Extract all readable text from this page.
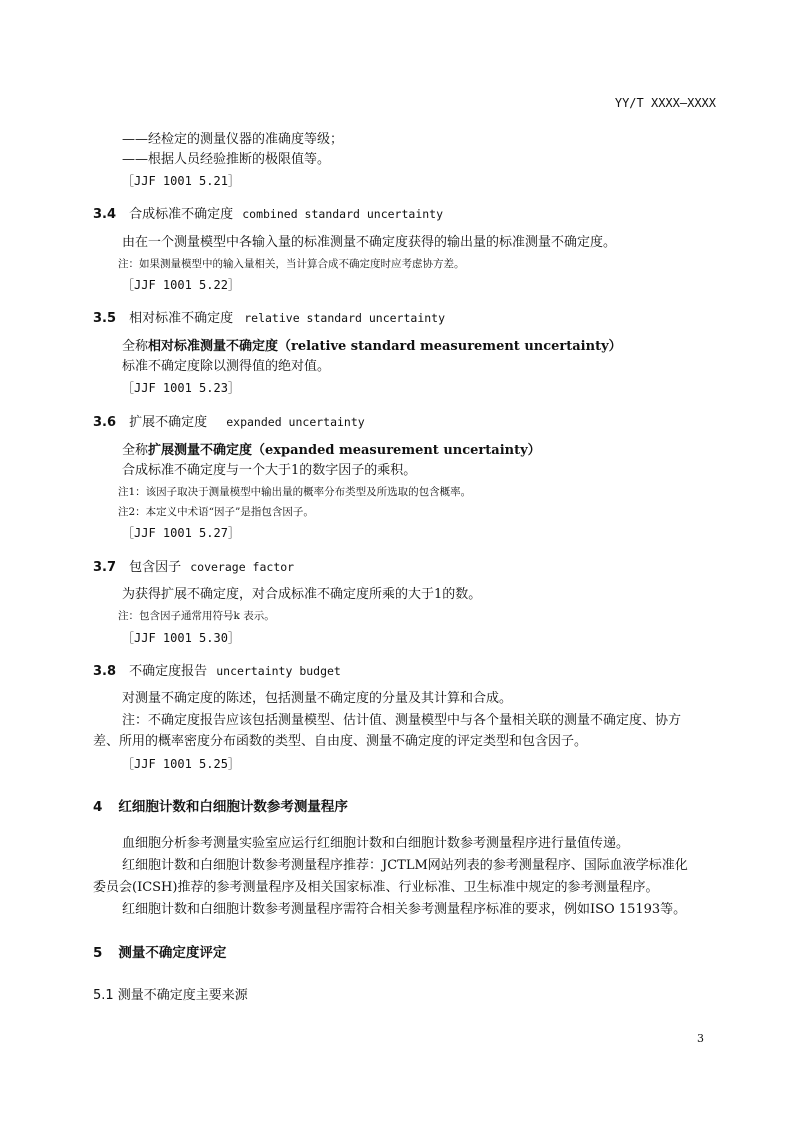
YY/T XXXX—XXXX
——经检定的测量仪器的准确度等级；
——根据人员经验推断的极限值等。
［JJF 1001 5.21］
3.4 合成标准不确定度 combined standard uncertainty
由在一个测量模型中各输入量的标准测量不确定度获得的输出量的标准测量不确定度。
注：如果测量模型中的输入量相关，当计算合成不确定度时应考虑协方差。
［JJF 1001 5.22］
3.5 相对标准不确定度 relative standard uncertainty
全称相对标准测量不确定度（relative standard measurement uncertainty）
标准不确定度除以测得值的绝对值。
［JJF 1001 5.23］
3.6 扩展不确定度 expanded uncertainty
全称扩展测量不确定度（expanded measurement uncertainty）
合成标准不确定度与一个大于1的数字因子的乘积。
注1：该因子取决于测量模型中输出量的概率分布类型及所选取的包含概率。
注2：本定义中术语“因子”是指包含因子。
［JJF 1001 5.27］
3.7 包含因子 coverage factor
为获得扩展不确定度，对合成标准不确定度所乘的大于1的数。
注：包含因子通常用符号k 表示。
［JJF 1001 5.30］
3.8 不确定度报告 uncertainty budget
对测量不确定度的陈述，包括测量不确定度的分量及其计算和合成。
注：不确定度报告应该包括测量模型、估计值、测量模型中与各个量相关联的测量不确定度、协方
差、所用的概率密度分布函数的类型、自由度、测量不确定度的评定类型和包含因子。
［JJF 1001 5.25］
4 红细胞计数和白细胞计数参考测量程序
血细胞分析参考测量实验室应运行红细胞计数和白细胞计数参考测量程序进行量值传递。
红细胞计数和白细胞计数参考测量程序推荐：JCTLM网站列表的参考测量程序、国际血液学标准化
委员会(ICSH)推荐的参考测量程序及相关国家标准、行业标准、卫生标准中规定的参考测量程序。
红细胞计数和白细胞计数参考测量程序需符合相关参考测量程序标准的要求，例如ISO 15193等。
5 测量不确定度评定
5.1 测量不确定度主要来源
3
